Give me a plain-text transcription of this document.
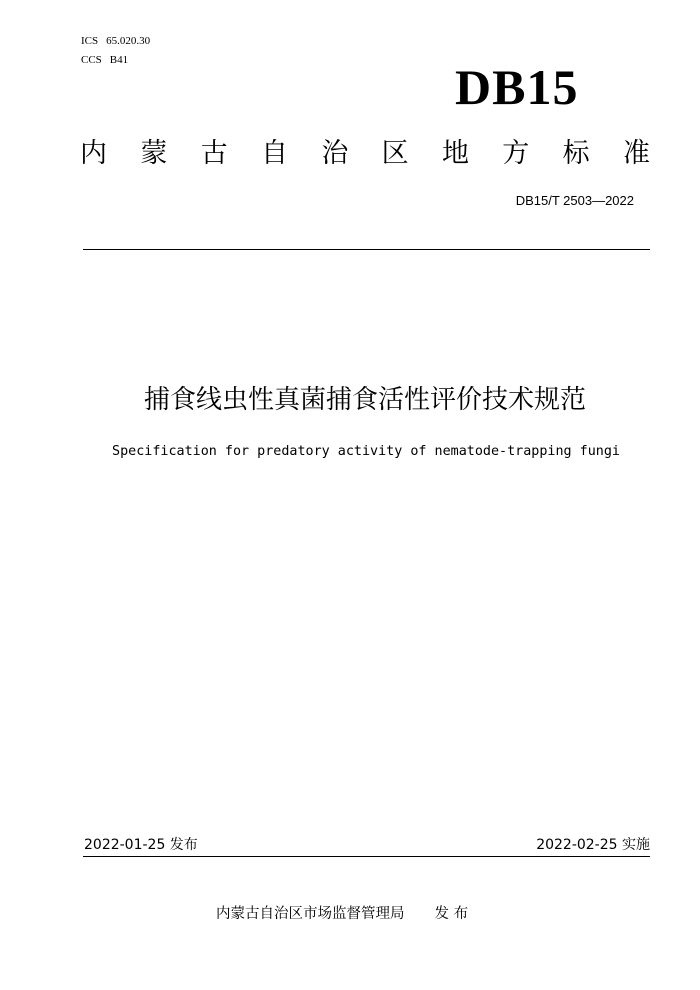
ICS 65.020.30
CCS B41	DB15
内 蒙 古 自 治 区 地 方 标 准
DB15/T 2503—2022
捕食线虫性真菌捕食活性评价技术规范
Specification for predatory activity of nematode-trapping fungi
2022-01-25 发布	2022-02-25 实施
内蒙古自治区市场监督管理局 发 布
